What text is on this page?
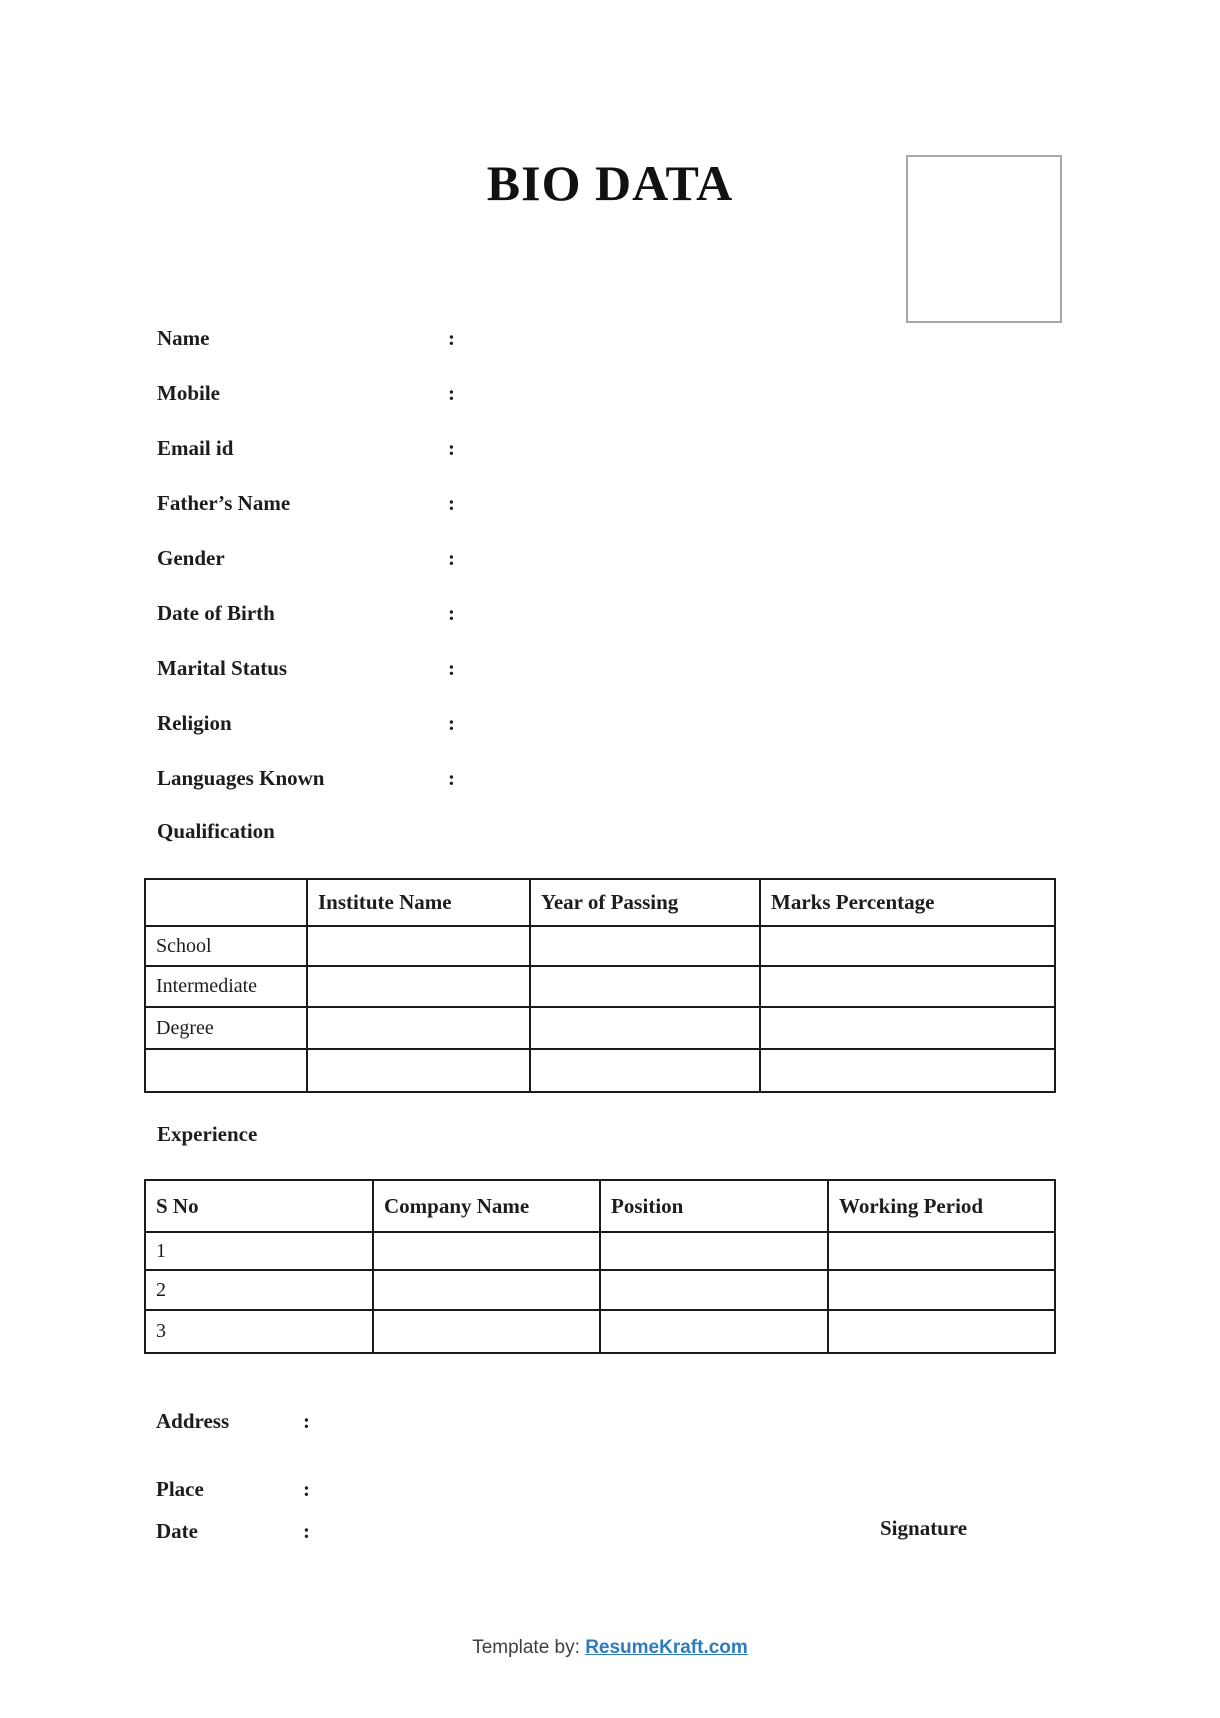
BIO DATA
Name	:
Mobile	:
Email id	:
Father’s Name	:
Gender	:
Date of Birth	:
Marital Status	:
Religion	:
Languages Known	:
Qualification
	Institute Name	Year of Passing	Marks Percentage
School			
Intermediate			
Degree			

Experience
S No	Company Name	Position	Working Period
1			
2			
3			
Address	:
Place	:
Date	:	Signature
Template by: ResumeKraft.com
